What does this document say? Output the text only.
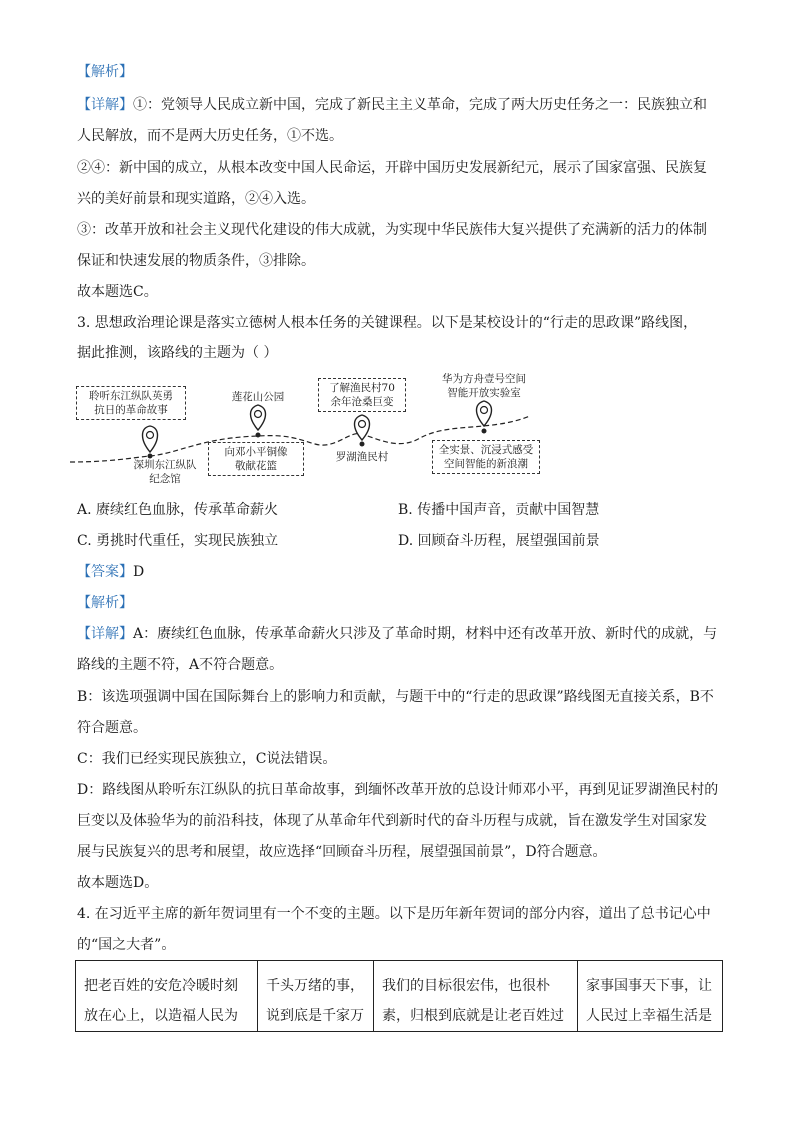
【解析】
【详解】①：党领导人民成立新中国，完成了新民主主义革命，完成了两大历史任务之一：民族独立和
人民解放，而不是两大历史任务，①不选。
②④：新中国的成立，从根本改变中国人民命运，开辟中国历史发展新纪元，展示了国家富强、民族复
兴的美好前景和现实道路，②④入选。
③：改革开放和社会主义现代化建设的伟大成就，为实现中华民族伟大复兴提供了充满新的活力的体制
保证和快速发展的物质条件，③排除。
故本题选C。
3. 思想政治理论课是落实立德树人根本任务的关键课程。以下是某校设计的“行走的思政课”路线图，
据此推测，该路线的主题为（ ）
聆听东江纵队英勇
抗日的革命故事
深圳东江纵队
纪念馆
莲花山公园
向邓小平铜像
敬献花篮
了解渔民村70
余年沧桑巨变
罗湖渔民村
华为方舟壹号空间
智能开放实验室
全实景、沉浸式感受
空间智能的新浪潮
A. 赓续红色血脉，传承革命薪火	B. 传播中国声音，贡献中国智慧
C. 勇挑时代重任，实现民族独立	D. 回顾奋斗历程，展望强国前景
【答案】D
【解析】
【详解】A：赓续红色血脉，传承革命薪火只涉及了革命时期，材料中还有改革开放、新时代的成就，与
路线的主题不符，A不符合题意。
B：该选项强调中国在国际舞台上的影响力和贡献，与题干中的“行走的思政课”路线图无直接关系，B不
符合题意。
C：我们已经实现民族独立，C说法错误。
D：路线图从聆听东江纵队的抗日革命故事，到缅怀改革开放的总设计师邓小平，再到见证罗湖渔民村的
巨变以及体验华为的前沿科技，体现了从革命年代到新时代的奋斗历程与成就，旨在激发学生对国家发
展与民族复兴的思考和展望，故应选择“回顾奋斗历程，展望强国前景”，D符合题意。
故本题选D。
4. 在习近平主席的新年贺词里有一个不变的主题。以下是历年新年贺词的部分内容，道出了总书记心中
的“国之大者”。
把老百姓的安危冷暖时刻
放在心上，以造福人民为

千头万绪的事，
说到底是千家万

我们的目标很宏伟，也很朴
素，归根到底就是让老百姓过

家事国事天下事，让
人民过上幸福生活是
